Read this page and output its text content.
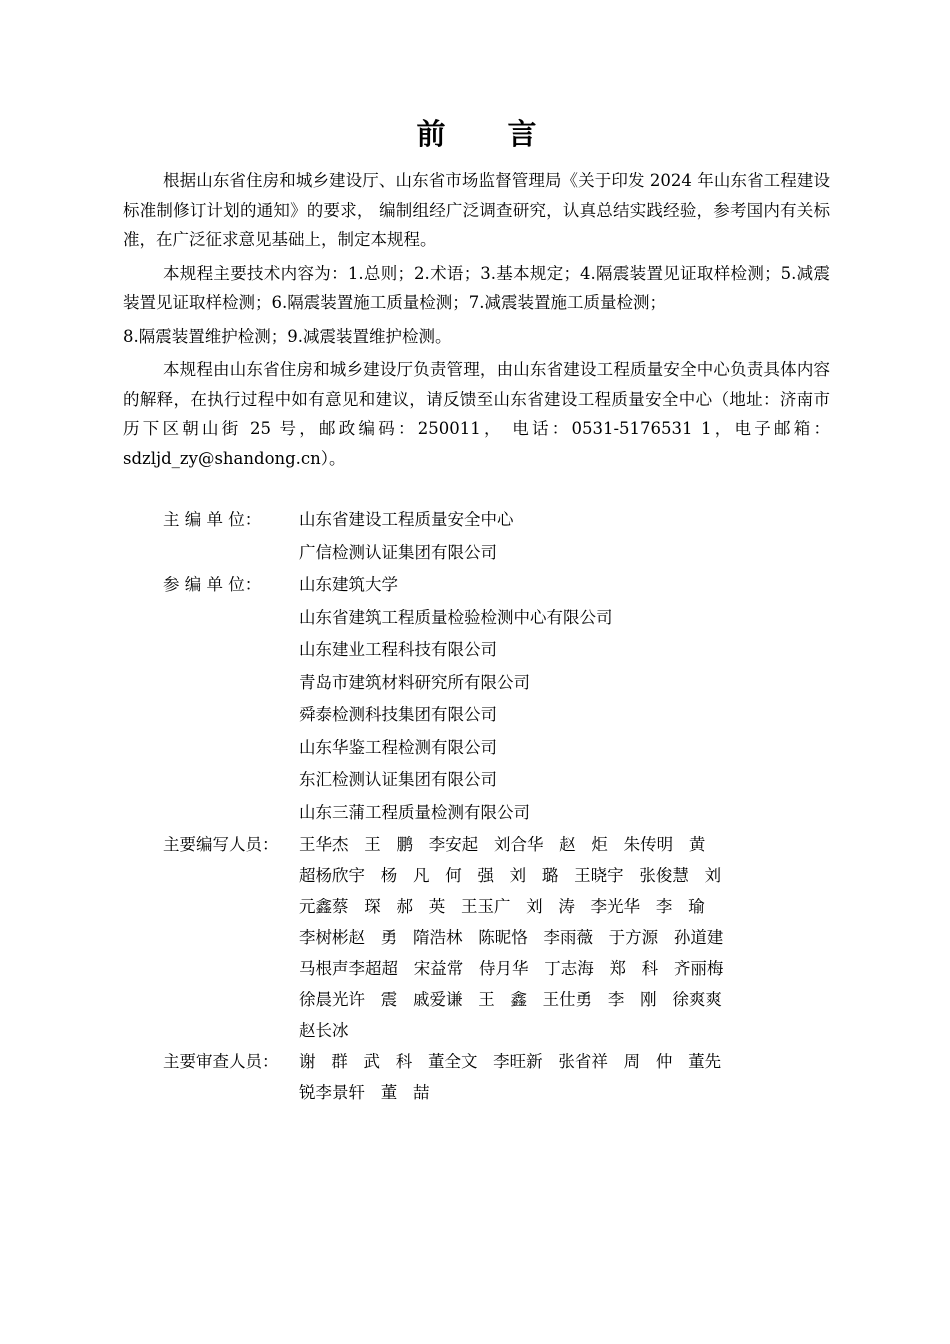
前 言

根据山东省住房和城乡建设厅、山东省市场监督管理局《关于印发 2024 年山东省工程建设标准制修订计划的通知》的要求， 编制组经广泛调查研究，认真总结实践经验，参考国内有关标准，在广泛征求意见基础上，制定本规程。

本规程主要技术内容为：1.总则；2.术语；3.基本规定；4.隔震装置见证取样检测；5.减震装置见证取样检测；6.隔震装置施工质量检测；7.减震装置施工质量检测；

8.隔震装置维护检测；9.减震装置维护检测。

本规程由山东省住房和城乡建设厅负责管理，由山东省建设工程质量安全中心负责具体内容的解释，在执行过程中如有意见和建议，请反馈至山东省建设工程质量安全中心（地址：济南市历下区朝山街 25 号，邮政编码：250011， 电话：0531-5176531 1，电子邮箱：sdzljd_zy@shandong.cn）。

主 编 单 位：	山东省建设工程质量安全中心
广信检测认证集团有限公司
参 编 单 位：	山东建筑大学
山东省建筑工程质量检验检测中心有限公司
山东建业工程科技有限公司
青岛市建筑材料研究所有限公司
舜泰检测科技集团有限公司
山东华鉴工程检测有限公司
东汇检测认证集团有限公司
山东三蒲工程质量检测有限公司
主要编写人员：	王华杰   王   鹏   李安起   刘合华   赵   炬   朱传明   黄
超杨欣宇   杨   凡   何   强   刘   璐   王晓宇   张俊慧   刘
元鑫蔡   琛   郝   英   王玉广   刘   涛   李光华   李   瑜
李树彬赵   勇   隋浩林   陈昵恪   李雨薇   于方源   孙道建
马根声李超超   宋益常   侍月华   丁志海   郑   科   齐丽梅
徐晨光许   震   戚爱谦   王   鑫   王仕勇   李   刚   徐爽爽
赵长冰
主要审查人员：	谢   群   武   科   董全文   李旺新   张省祥   周   仲   董先
锐李景轩   董   喆
